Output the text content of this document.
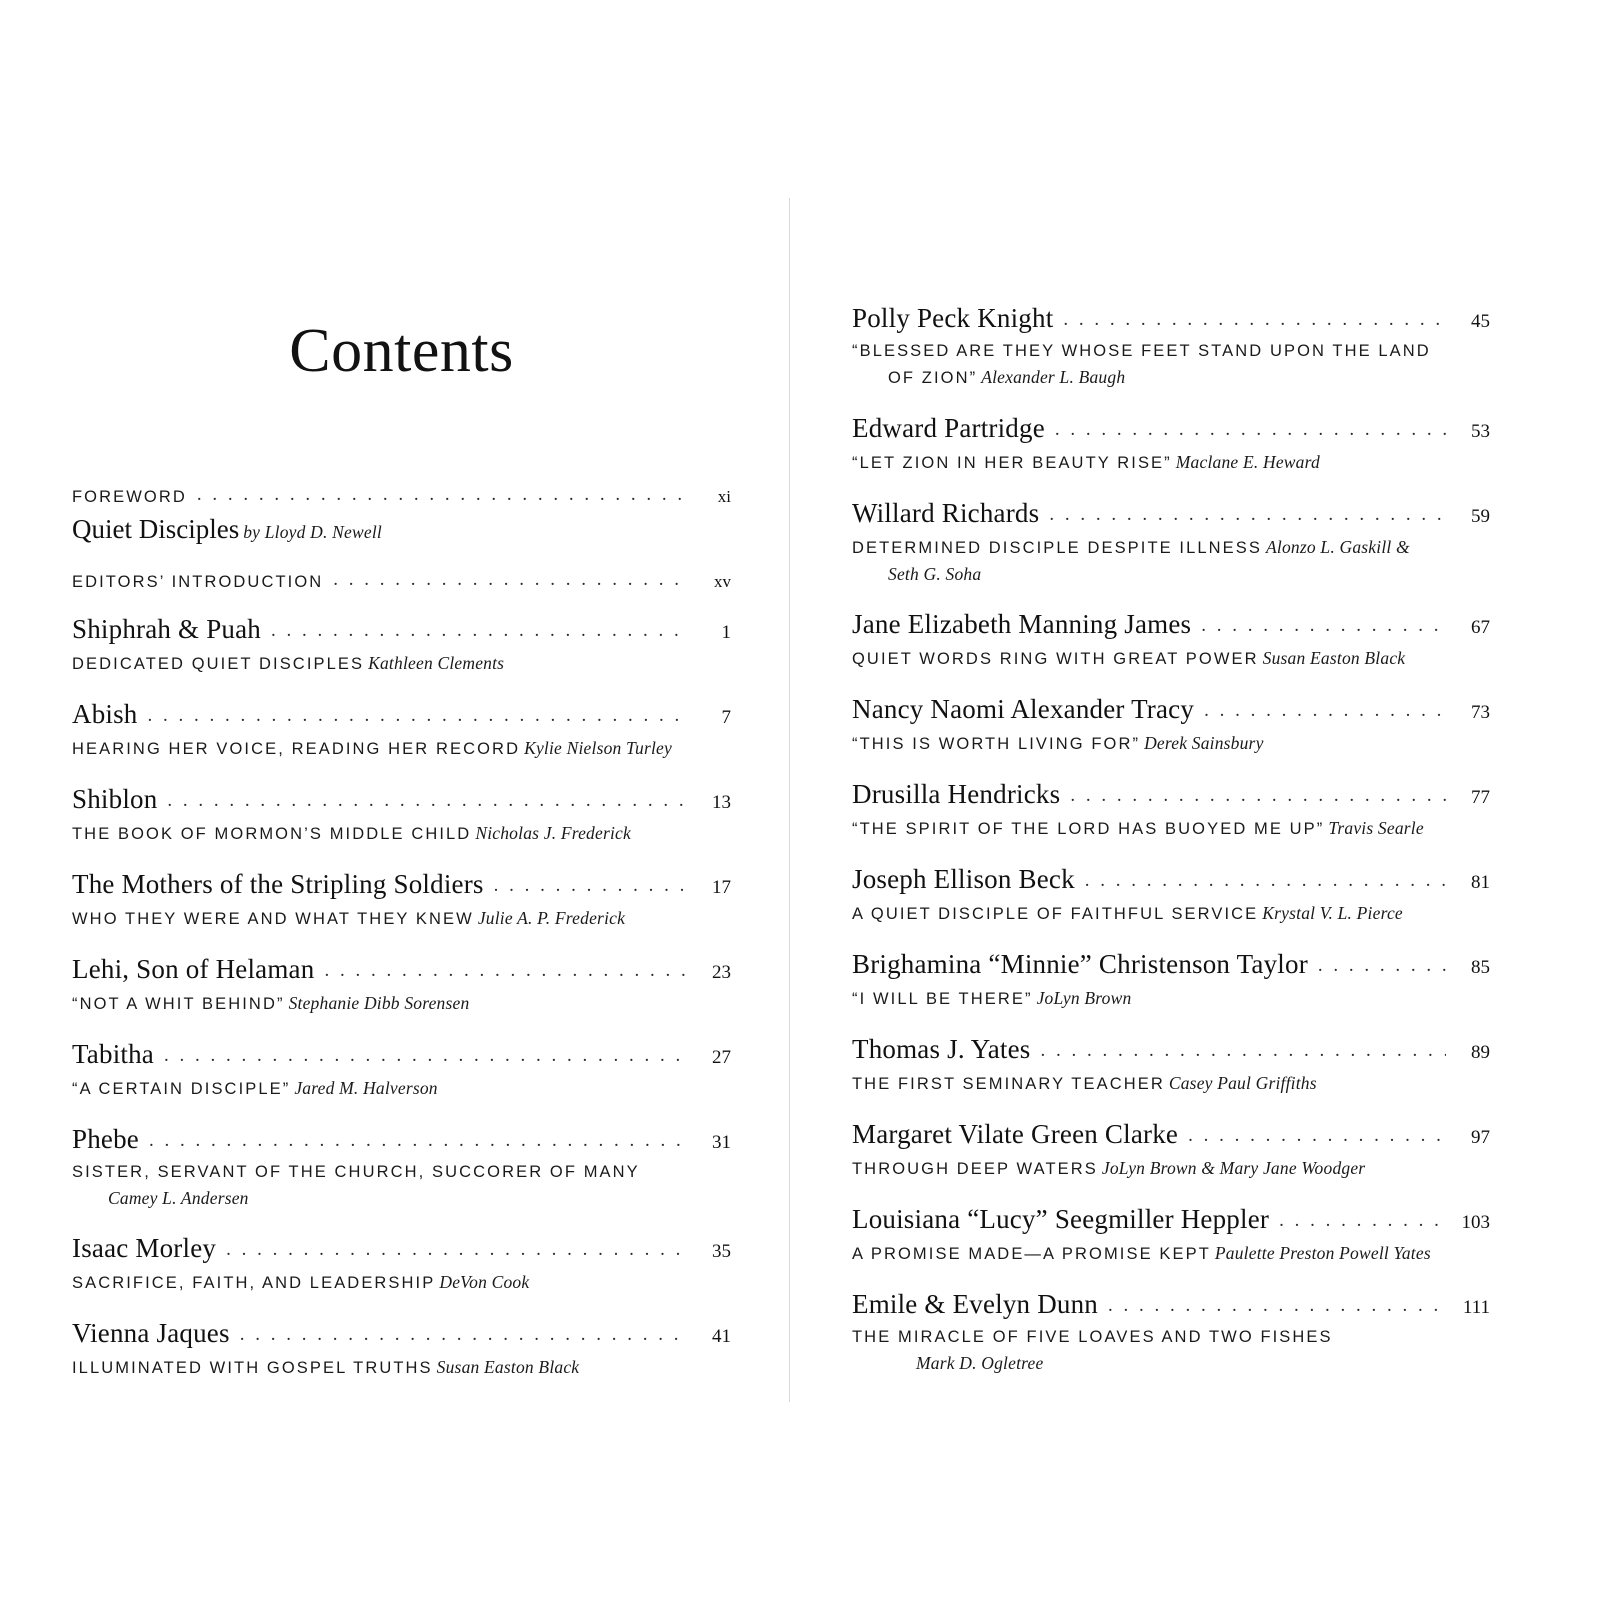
Contents
FOREWORD . . .	xi
Quiet Disciples by Lloyd D. Newell
EDITORS’ INTRODUCTION . . .	xv
Shiphrah & Puah . . .	1
DEDICATED QUIET DISCIPLES Kathleen Clements
Abish . . .	7
HEARING HER VOICE, READING HER RECORD Kylie Nielson Turley
Shiblon . . .	13
THE BOOK OF MORMON’S MIDDLE CHILD Nicholas J. Frederick
The Mothers of the Stripling Soldiers . . .	17
WHO THEY WERE AND WHAT THEY KNEW Julie A. P. Frederick
Lehi, Son of Helaman . . .	23
“NOT A WHIT BEHIND” Stephanie Dibb Sorensen
Tabitha . . .	27
“A CERTAIN DISCIPLE” Jared M. Halverson
Phebe . . .	31
SISTER, SERVANT OF THE CHURCH, SUCCORER OF MANY
Camey L. Andersen
Isaac Morley . . .	35
SACRIFICE, FAITH, AND LEADERSHIP DeVon Cook
Vienna Jaques . . .	41
ILLUMINATED WITH GOSPEL TRUTHS Susan Easton Black
Polly Peck Knight . . .	45
“BLESSED ARE THEY WHOSE FEET STAND UPON THE LAND
OF ZION” Alexander L. Baugh
Edward Partridge . . .	53
“LET ZION IN HER BEAUTY RISE” Maclane E. Heward
Willard Richards . . .	59
DETERMINED DISCIPLE DESPITE ILLNESS Alonzo L. Gaskill &
Seth G. Soha
Jane Elizabeth Manning James . . .	67
QUIET WORDS RING WITH GREAT POWER Susan Easton Black
Nancy Naomi Alexander Tracy . . .	73
“THIS IS WORTH LIVING FOR” Derek Sainsbury
Drusilla Hendricks . . .	77
“THE SPIRIT OF THE LORD HAS BUOYED ME UP” Travis Searle
Joseph Ellison Beck . . .	81
A QUIET DISCIPLE OF FAITHFUL SERVICE Krystal V. L. Pierce
Brighamina “Minnie” Christenson Taylor . . .	85
“I WILL BE THERE” JoLyn Brown
Thomas J. Yates . . .	89
THE FIRST SEMINARY TEACHER Casey Paul Griffiths
Margaret Vilate Green Clarke . . .	97
THROUGH DEEP WATERS JoLyn Brown & Mary Jane Woodger
Louisiana “Lucy” Seegmiller Heppler . . .	103
A PROMISE MADE—A PROMISE KEPT Paulette Preston Powell Yates
Emile & Evelyn Dunn . . .	111
THE MIRACLE OF FIVE LOAVES AND TWO FISHES
Mark D. Ogletree
